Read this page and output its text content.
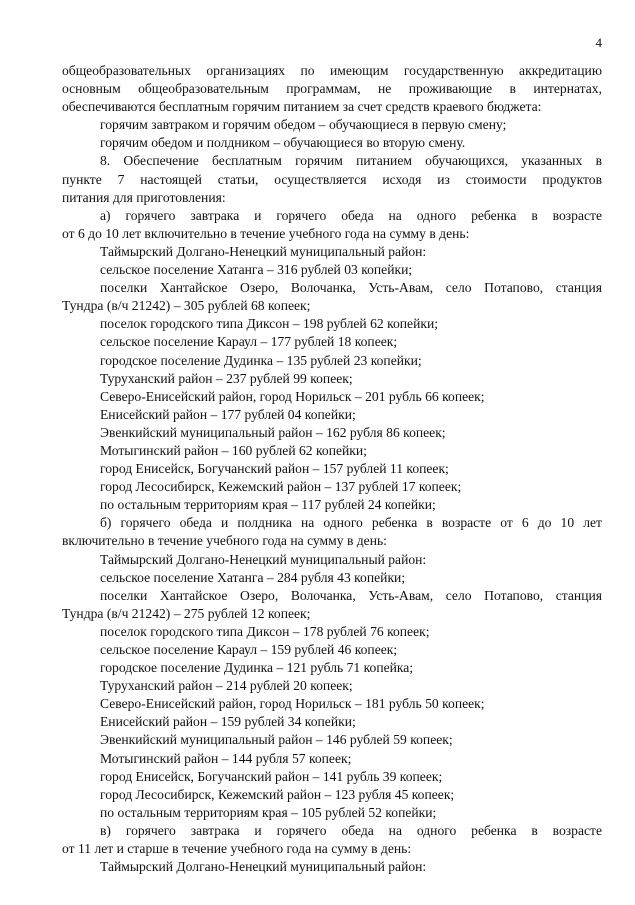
4
общеобразовательных организациях по имеющим государственную аккредитацию
основным общеобразовательным программам, не проживающие в интернатах,
обеспечиваются бесплатным горячим питанием за счет средств краевого бюджета:
горячим завтраком и горячим обедом – обучающиеся в первую смену;
горячим обедом и полдником – обучающиеся во вторую смену.
8. Обеспечение бесплатным горячим питанием обучающихся, указанных в
пункте 7 настоящей статьи, осуществляется исходя из стоимости продуктов
питания для приготовления:
а) горячего завтрака и горячего обеда на одного ребенка в возрасте
от 6 до 10 лет включительно в течение учебного года на сумму в день:
Таймырский Долгано-Ненецкий муниципальный район:
сельское поселение Хатанга – 316 рублей 03 копейки;
поселки Хантайское Озеро, Волочанка, Усть-Авам, село Потапово, станция
Тундра (в/ч 21242) – 305 рублей 68 копеек;
поселок городского типа Диксон – 198 рублей 62 копейки;
сельское поселение Караул – 177 рублей 18 копеек;
городское поселение Дудинка – 135 рублей 23 копейки;
Туруханский район – 237 рублей 99 копеек;
Северо-Енисейский район, город Норильск – 201 рубль 66 копеек;
Енисейский район – 177 рублей 04 копейки;
Эвенкийский муниципальный район – 162 рубля 86 копеек;
Мотыгинский район – 160 рублей 62 копейки;
город Енисейск, Богучанский район – 157 рублей 11 копеек;
город Лесосибирск, Кежемский район – 137 рублей 17 копеек;
по остальным территориям края – 117 рублей 24 копейки;
б) горячего обеда и полдника на одного ребенка в возрасте от 6 до 10 лет
включительно в течение учебного года на сумму в день:
Таймырский Долгано-Ненецкий муниципальный район:
сельское поселение Хатанга – 284 рубля 43 копейки;
поселки Хантайское Озеро, Волочанка, Усть-Авам, село Потапово, станция
Тундра (в/ч 21242) – 275 рублей 12 копеек;
поселок городского типа Диксон – 178 рублей 76 копеек;
сельское поселение Караул – 159 рублей 46 копеек;
городское поселение Дудинка – 121 рубль 71 копейка;
Туруханский район – 214 рублей 20 копеек;
Северо-Енисейский район, город Норильск – 181 рубль 50 копеек;
Енисейский район – 159 рублей 34 копейки;
Эвенкийский муниципальный район – 146 рублей 59 копеек;
Мотыгинский район – 144 рубля 57 копеек;
город Енисейск, Богучанский район – 141 рубль 39 копеек;
город Лесосибирск, Кежемский район – 123 рубля 45 копеек;
по остальным территориям края – 105 рублей 52 копейки;
в) горячего завтрака и горячего обеда на одного ребенка в возрасте
от 11 лет и старше в течение учебного года на сумму в день:
Таймырский Долгано-Ненецкий муниципальный район:
